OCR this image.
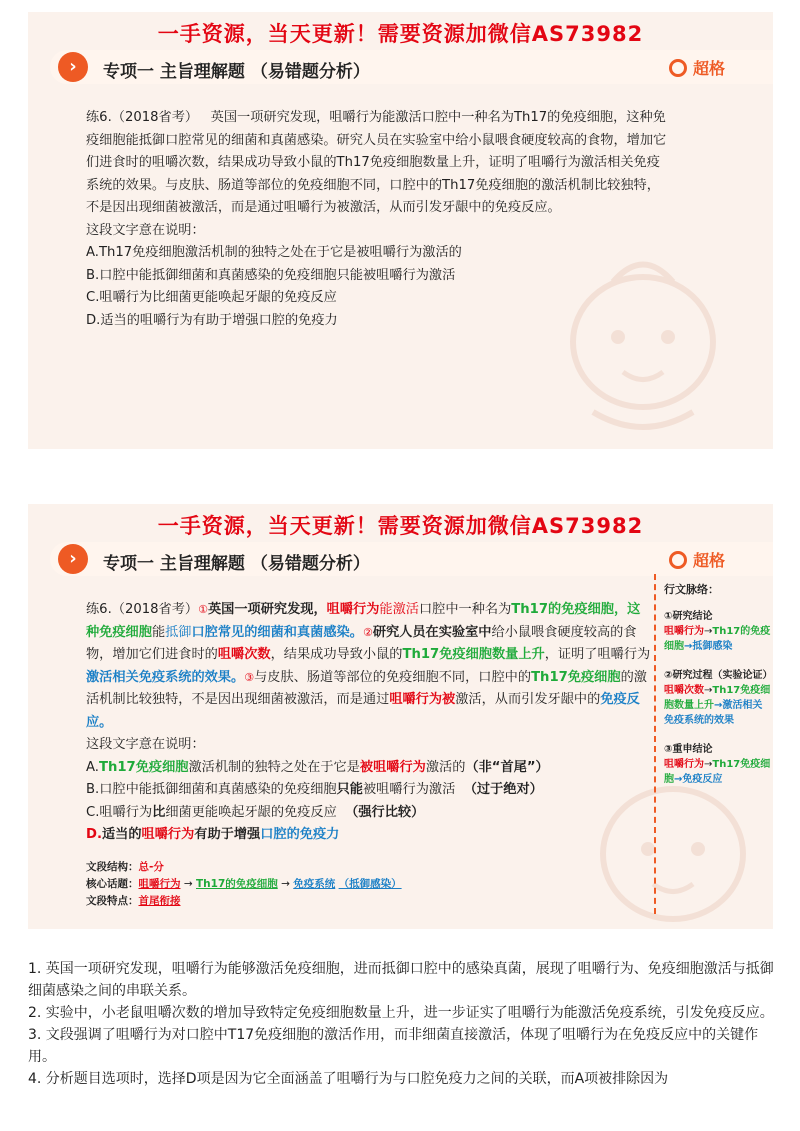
一手资源，当天更新！需要资源加微信AS73982
›	专项一 主旨理解题 （易错题分析）	超格

练6.（2018省考） 英国一项研究发现，咀嚼行为能激活口腔中一种名为Th17的免疫细胞，这种免疫细胞能抵御口腔常见的细菌和真菌感染。研究人员在实验室中给小鼠喂食硬度较高的食物，增加它们进食时的咀嚼次数，结果成功导致小鼠的Th17免疫细胞数量上升，证明了咀嚼行为激活相关免疫系统的效果。与皮肤、肠道等部位的免疫细胞不同，口腔中的Th17免疫细胞的激活机制比较独特，不是因出现细菌被激活，而是通过咀嚼行为被激活，从而引发牙龈中的免疫反应。

这段文字意在说明：

A.Th17免疫细胞激活机制的独特之处在于它是被咀嚼行为激活的

B.口腔中能抵御细菌和真菌感染的免疫细胞只能被咀嚼行为激活

C.咀嚼行为比细菌更能唤起牙龈的免疫反应

D.适当的咀嚼行为有助于增强口腔的免疫力

一手资源，当天更新！需要资源加微信AS73982
›	专项一 主旨理解题 （易错题分析）	超格

练6.（2018省考）①英国一项研究发现，咀嚼行为能激活口腔中一种名为Th17的免疫细胞，这种免疫细胞能抵御口腔常见的细菌和真菌感染。②研究人员在实验室中给小鼠喂食硬度较高的食物，增加它们进食时的咀嚼次数，结果成功导致小鼠的Th17免疫细胞数量上升，证明了咀嚼行为激活相关免疫系统的效果。③与皮肤、肠道等部位的免疫细胞不同，口腔中的Th17免疫细胞的激活机制比较独特，不是因出现细菌被激活，而是通过咀嚼行为被激活，从而引发牙龈中的免疫反应。

这段文字意在说明：

A.Th17免疫细胞激活机制的独特之处在于它是被咀嚼行为激活的（非“首尾”）

B.口腔中能抵御细菌和真菌感染的免疫细胞只能被咀嚼行为激活 （过于绝对）

C.咀嚼行为比细菌更能唤起牙龈的免疫反应 （强行比较）

D.适当的咀嚼行为有助于增强口腔的免疫力

文段结构：总-分
核心话题：咀嚼行为 → Th17的免疫细胞 → 免疫系统 （抵御感染）
文段特点：首尾衔接
行文脉络：
①研究结论
咀嚼行为→Th17的免疫细胞→抵御感染
②研究过程（实验论证）
咀嚼次数→Th17免疫细胞数量上升→激活相关免疫系统的效果
③重申结论
咀嚼行为→Th17免疫细胞→免疫反应

1. 英国一项研究发现，咀嚼行为能够激活免疫细胞，进而抵御口腔中的感染真菌，展现了咀嚼行为、免疫细胞激活与抵御细菌感染之间的串联关系。

2. 实验中，小老鼠咀嚼次数的增加导致特定免疫细胞数量上升，进一步证实了咀嚼行为能激活免疫系统，引发免疫反应。

3. 文段强调了咀嚼行为对口腔中T17免疫细胞的激活作用，而非细菌直接激活，体现了咀嚼行为在免疫反应中的关键作用。

4. 分析题目选项时，选择D项是因为它全面涵盖了咀嚼行为与口腔免疫力之间的关联，而A项被排除因为
